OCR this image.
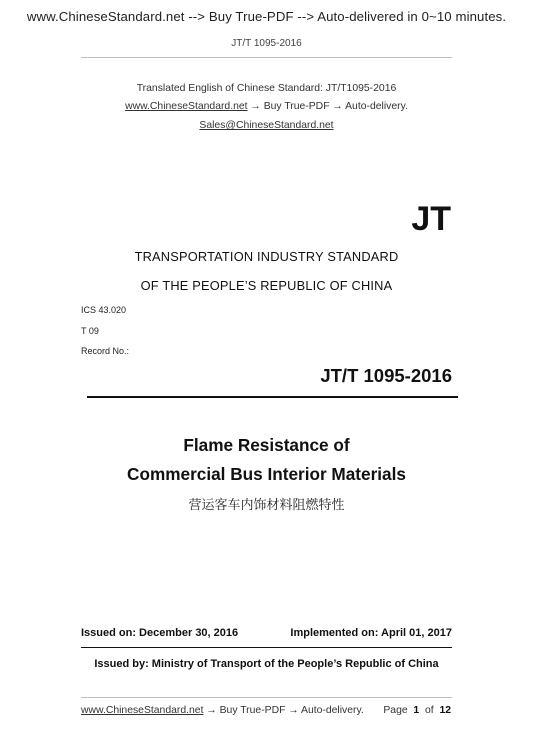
www.ChineseStandard.net --> Buy True-PDF --> Auto-delivered in 0~10 minutes.
JT/T 1095-2016
Translated English of Chinese Standard: JT/T1095-2016
www.ChineseStandard.net → Buy True-PDF → Auto-delivery.
Sales@ChineseStandard.net
JT
TRANSPORTATION INDUSTRY STANDARD
OF THE PEOPLE’S REPUBLIC OF CHINA
ICS 43.020
T 09
Record No.:
JT/T 1095-2016
Flame Resistance of
Commercial Bus Interior Materials
营运客车内饰材料阻燃特性
Issued on: December 30, 2016	Implemented on: April 01, 2017
Issued by: Ministry of Transport of the People’s Republic of China
www.ChineseStandard.net → Buy True-PDF → Auto-delivery. Page 1 of 12
